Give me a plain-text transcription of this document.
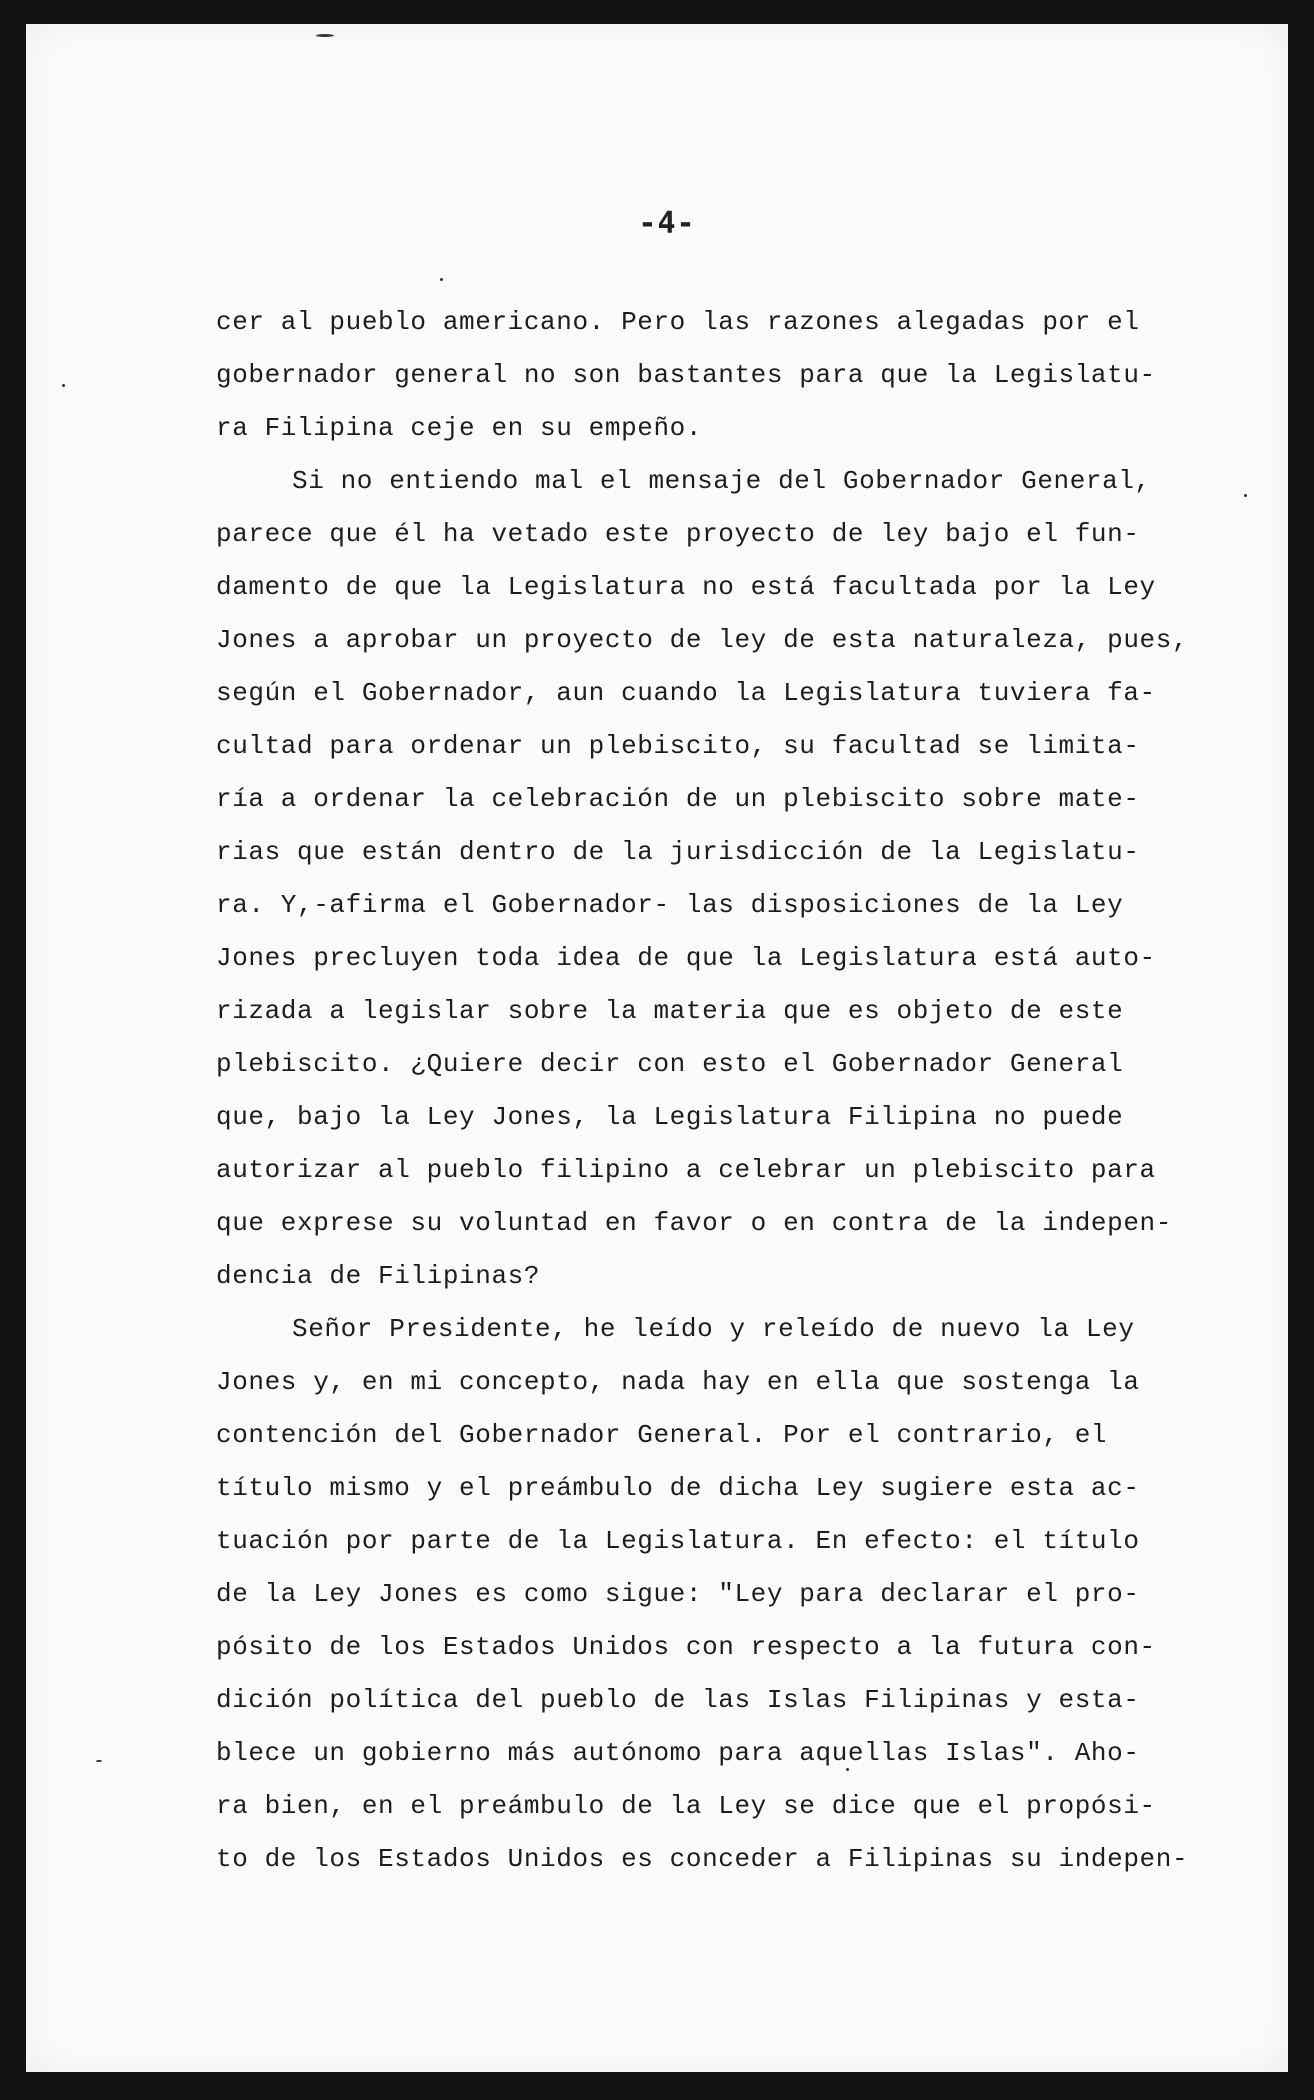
-4-
cer al pueblo americano. Pero las razones alegadas por el
gobernador general no son bastantes para que la Legislatu-
ra Filipina ceje en su empeño.
Si no entiendo mal el mensaje del Gobernador General,
parece que él ha vetado este proyecto de ley bajo el fun-
damento de que la Legislatura no está facultada por la Ley
Jones a aprobar un proyecto de ley de esta naturaleza, pues,
según el Gobernador, aun cuando la Legislatura tuviera fa-
cultad para ordenar un plebiscito, su facultad se limita-
ría a ordenar la celebración de un plebiscito sobre mate-
rias que están dentro de la jurisdicción de la Legislatu-
ra. Y,-afirma el Gobernador- las disposiciones de la Ley
Jones precluyen toda idea de que la Legislatura está auto-
rizada a legislar sobre la materia que es objeto de este
plebiscito. ¿Quiere decir con esto el Gobernador General
que, bajo la Ley Jones, la Legislatura Filipina no puede
autorizar al pueblo filipino a celebrar un plebiscito para
que exprese su voluntad en favor o en contra de la indepen-
dencia de Filipinas?
Señor Presidente, he leído y releído de nuevo la Ley
Jones y, en mi concepto, nada hay en ella que sostenga la
contención del Gobernador General. Por el contrario, el
título mismo y el preámbulo de dicha Ley sugiere esta ac-
tuación por parte de la Legislatura. En efecto: el título
de la Ley Jones es como sigue: "Ley para declarar el pro-
pósito de los Estados Unidos con respecto a la futura con-
dición política del pueblo de las Islas Filipinas y esta-
blece un gobierno más autónomo para aquellas Islas". Aho-
ra bien, en el preámbulo de la Ley se dice que el propósi-
to de los Estados Unidos es conceder a Filipinas su indepen-
